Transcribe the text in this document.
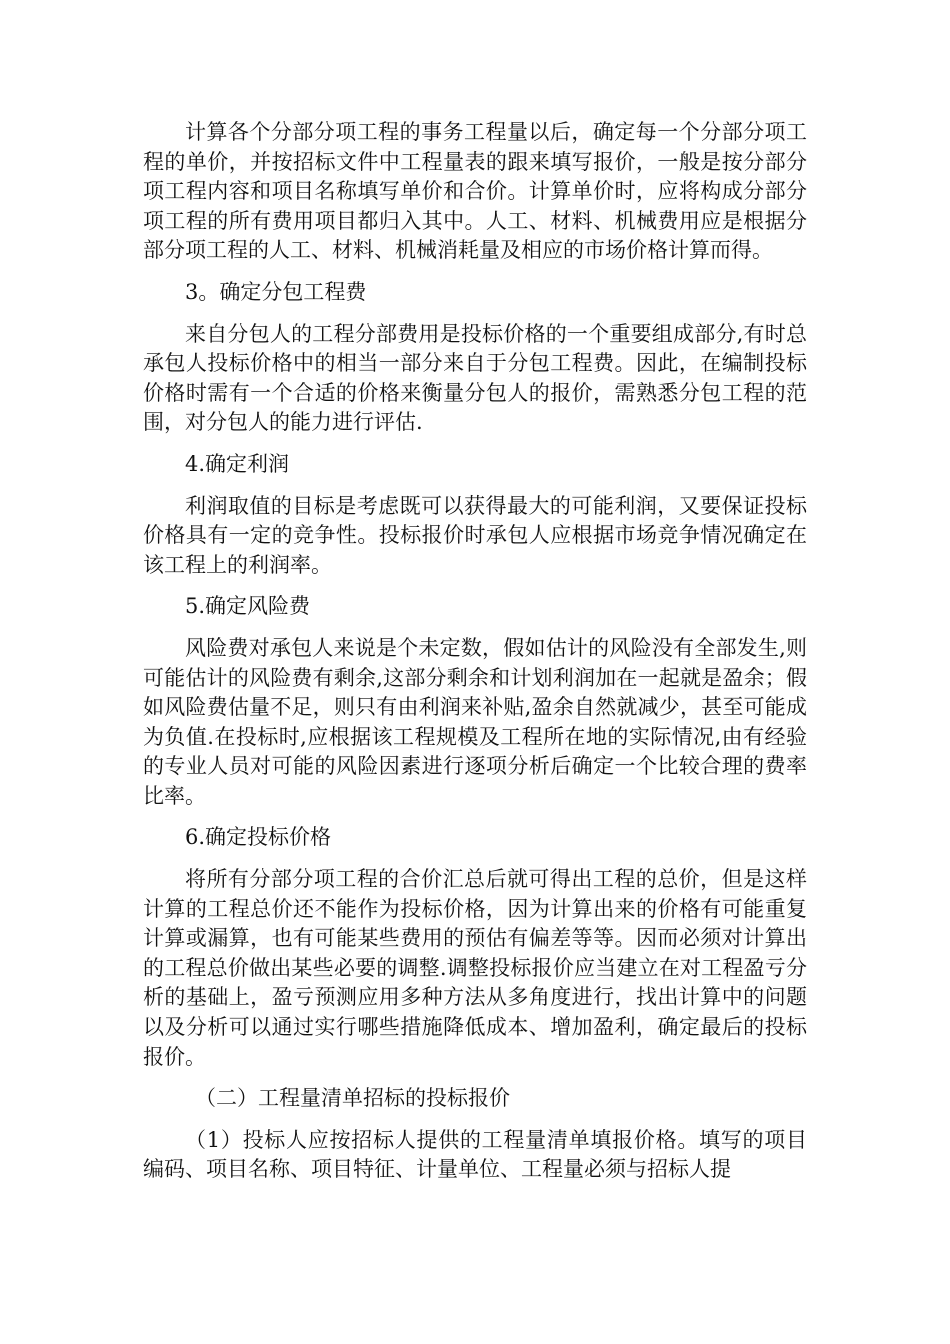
计算各个分部分项工程的事务工程量以后，确定每一个分部分项工程的单价，并按招标文件中工程量表的跟来填写报价，一般是按分部分项工程内容和项目名称填写单价和合价。计算单价时，应将构成分部分项工程的所有费用项目都归入其中。人工、材料、机械费用应是根据分部分项工程的人工、材料、机械消耗量及相应的市场价格计算而得。

3。确定分包工程费

来自分包人的工程分部费用是投标价格的一个重要组成部分,有时总承包人投标价格中的相当一部分来自于分包工程费。因此，在编制投标价格时需有一个合适的价格来衡量分包人的报价，需熟悉分包工程的范围，对分包人的能力进行评估.

4.确定利润

利润取值的目标是考虑既可以获得最大的可能利润，又要保证投标价格具有一定的竞争性。投标报价时承包人应根据市场竞争情况确定在该工程上的利润率。

5.确定风险费

风险费对承包人来说是个未定数，假如估计的风险没有全部发生,则可能估计的风险费有剩余,这部分剩余和计划利润加在一起就是盈余；假如风险费估量不足，则只有由利润来补贴,盈余自然就减少，甚至可能成为负值.在投标时,应根据该工程规模及工程所在地的实际情况,由有经验的专业人员对可能的风险因素进行逐项分析后确定一个比较合理的费率比率。

6.确定投标价格

将所有分部分项工程的合价汇总后就可得出工程的总价，但是这样计算的工程总价还不能作为投标价格，因为计算出来的价格有可能重复计算或漏算，也有可能某些费用的预估有偏差等等。因而必须对计算出的工程总价做出某些必要的调整.调整投标报价应当建立在对工程盈亏分析的基础上，盈亏预测应用多种方法从多角度进行，找出计算中的问题以及分析可以通过实行哪些措施降低成本、增加盈利，确定最后的投标报价。

（二）工程量清单招标的投标报价

（1）投标人应按招标人提供的工程量清单填报价格。填写的项目编码、项目名称、项目特征、计量单位、工程量必须与招标人提
